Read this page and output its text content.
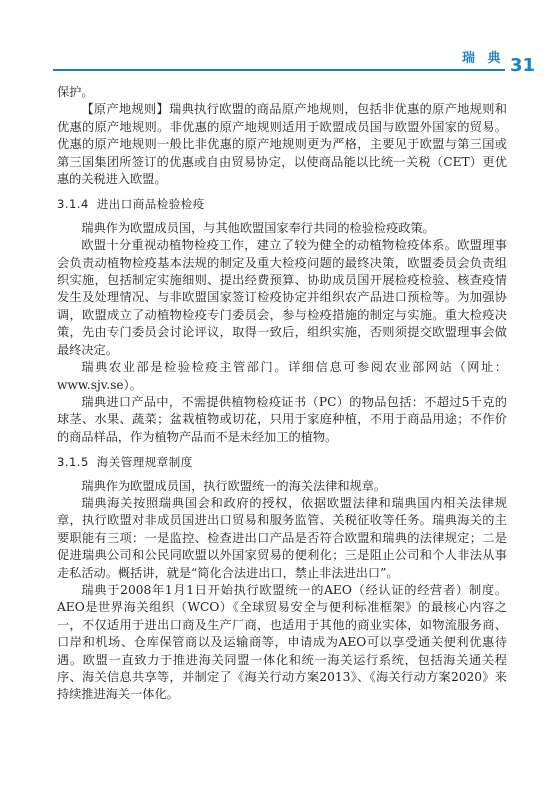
瑞 典 31

保护。

【原产地规则】瑞典执行欧盟的商品原产地规则，包括非优惠的原产地规则和优惠的原产地规则。非优惠的原产地规则适用于欧盟成员国与欧盟外国家的贸易。优惠的原产地规则一般比非优惠的原产地规则更为严格，主要见于欧盟与第三国或第三国集团所签订的优惠或自由贸易协定，以使商品能以比统一关税（CET）更优惠的关税进入欧盟。

3.1.4 进出口商品检验检疫

瑞典作为欧盟成员国，与其他欧盟国家奉行共同的检验检疫政策。

欧盟十分重视动植物检疫工作，建立了较为健全的动植物检疫体系。欧盟理事会负责动植物检疫基本法规的制定及重大检疫问题的最终决策，欧盟委员会负责组织实施，包括制定实施细则、提出经费预算、协助成员国开展检疫检验、核查疫情发生及处理情况、与非欧盟国家签订检疫协定并组织农产品进口预检等。为加强协调，欧盟成立了动植物检疫专门委员会，参与检疫措施的制定与实施。重大检疫决策，先由专门委员会讨论评议，取得一致后，组织实施，否则须提交欧盟理事会做最终决定。

瑞典农业部是检验检疫主管部门。详细信息可参阅农业部网站（网址：www.sjv.se）。

瑞典进口产品中，不需提供植物检疫证书（PC）的物品包括：不超过5千克的球茎、水果、蔬菜；盆栽植物或切花，只用于家庭种植，不用于商品用途；不作价的商品样品，作为植物产品而不是未经加工的植物。

3.1.5 海关管理规章制度

瑞典作为欧盟成员国，执行欧盟统一的海关法律和规章。

瑞典海关按照瑞典国会和政府的授权，依据欧盟法律和瑞典国内相关法律规章，执行欧盟对非成员国进出口贸易和服务监管、关税征收等任务。瑞典海关的主要职能有三项：一是监控、检查进出口产品是否符合欧盟和瑞典的法律规定；二是促进瑞典公司和公民同欧盟以外国家贸易的便利化；三是阻止公司和个人非法从事走私活动。概括讲，就是“简化合法进出口，禁止非法进出口”。

瑞典于2008年1月1日开始执行欧盟统一的AEO（经认证的经营者）制度。AEO是世界海关组织（WCO）《全球贸易安全与便利标准框架》的最核心内容之一，不仅适用于进出口商及生产厂商，也适用于其他的商业实体，如物流服务商、口岸和机场、仓库保管商以及运输商等，申请成为AEO可以享受通关便利优惠待遇。欧盟一直致力于推进海关同盟一体化和统一海关运行系统，包括海关通关程序、海关信息共享等，并制定了《海关行动方案2013》、《海关行动方案2020》来持续推进海关一体化。
